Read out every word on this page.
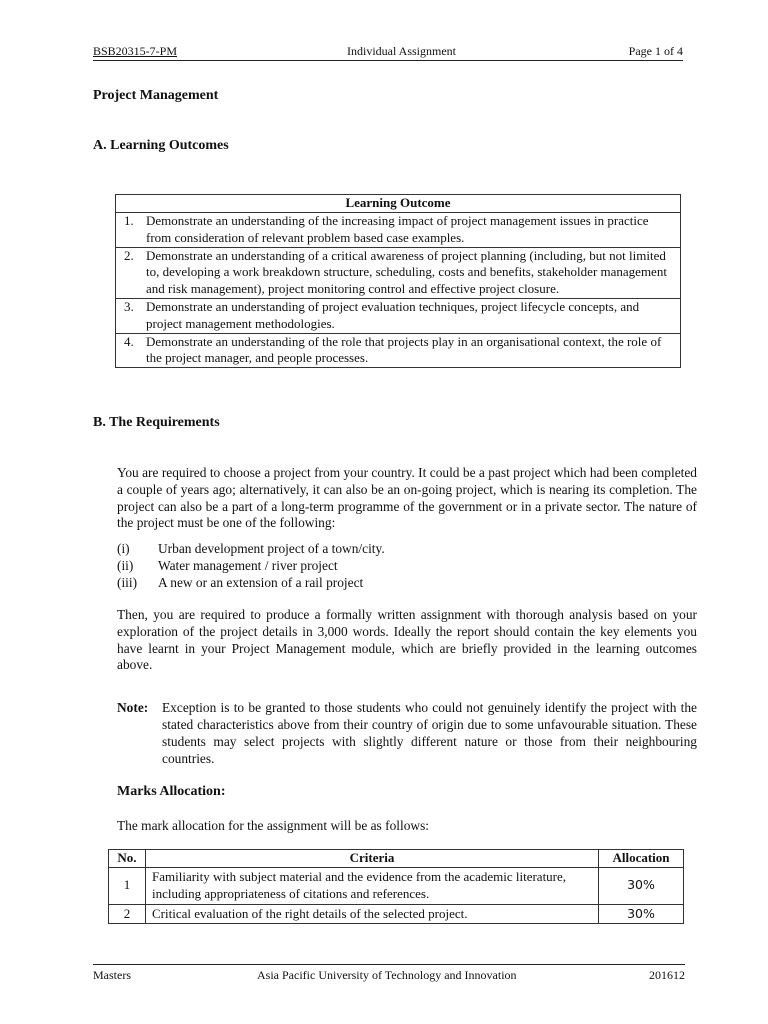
BSB20315-7-PM	Individual Assignment	Page 1 of 4
Project Management
A. Learning Outcomes
Learning Outcome
1. Demonstrate an understanding of the increasing impact of project management issues in practice from consideration of relevant problem based case examples.
2. Demonstrate an understanding of a critical awareness of project planning (including, but not limited to, developing a work breakdown structure, scheduling, costs and benefits, stakeholder management and risk management), project monitoring control and effective project closure.
3. Demonstrate an understanding of project evaluation techniques, project lifecycle concepts, and project management methodologies.
4. Demonstrate an understanding of the role that projects play in an organisational context, the role of the project manager, and people processes.
B. The Requirements

You are required to choose a project from your country. It could be a past project which had been completed a couple of years ago; alternatively, it can also be an on-going project, which is nearing its completion. The project can also be a part of a long-term programme of the government or in a private sector. The nature of the project must be one of the following:

(i) Urban development project of a town/city.
(ii) Water management / river project
(iii) A new or an extension of a rail project

Then, you are required to produce a formally written assignment with thorough analysis based on your exploration of the project details in 3,000 words. Ideally the report should contain the key elements you have learnt in your Project Management module, which are briefly provided in the learning outcomes above.

Note: Exception is to be granted to those students who could not genuinely identify the project with the stated characteristics above from their country of origin due to some unfavourable situation. These students may select projects with slightly different nature or those from their neighbouring countries.

Marks Allocation:

The mark allocation for the assignment will be as follows:

No.	Criteria	Allocation
1	Familiarity with subject material and the evidence from the academic literature, including appropriateness of citations and references.	30%
2	Critical evaluation of the right details of the selected project.	30%
Masters	Asia Pacific University of Technology and Innovation	201612
